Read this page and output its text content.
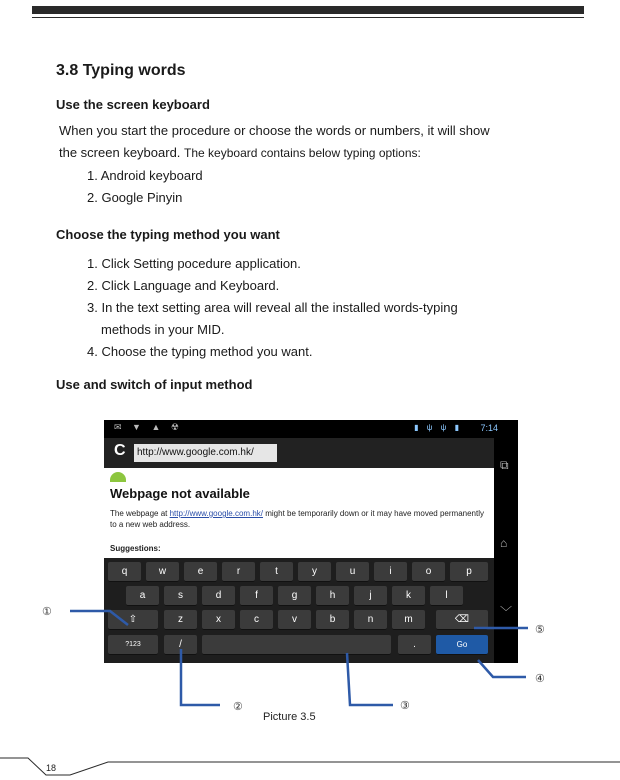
3.8 Typing words
Use the screen keyboard

When you start the procedure or choose the words or numbers, it will show
the screen keyboard. The keyboard contains below typing options:

1. Android keyboard
2. Google Pinyin
Choose the typing method you want
1. Click Setting pocedure application.
2. Click Language and Keyboard.
3. In the text setting area will reveal all the installed words-typing
methods in your MID.
4. Choose the typing method you want.
Use and switch of input method
✉ ▼ ▲ ☢	▮ ψ ψ ▮ 7:14
C	http://www.google.com.hk/

Webpage not available

The webpage at http://www.google.com.hk/ might be temporarily down or it may have moved permanently to a new web address.

Suggestions:
⧉
⌂
﹀
q	w	e	r	t	y	u	i	o	p
a	s	d	f	g	h	j	k	l
⇧	z	x	c	v	b	n	m	⌫
?123	/	.	Go
①
②	③
④
⑤
Picture 3.5
18
